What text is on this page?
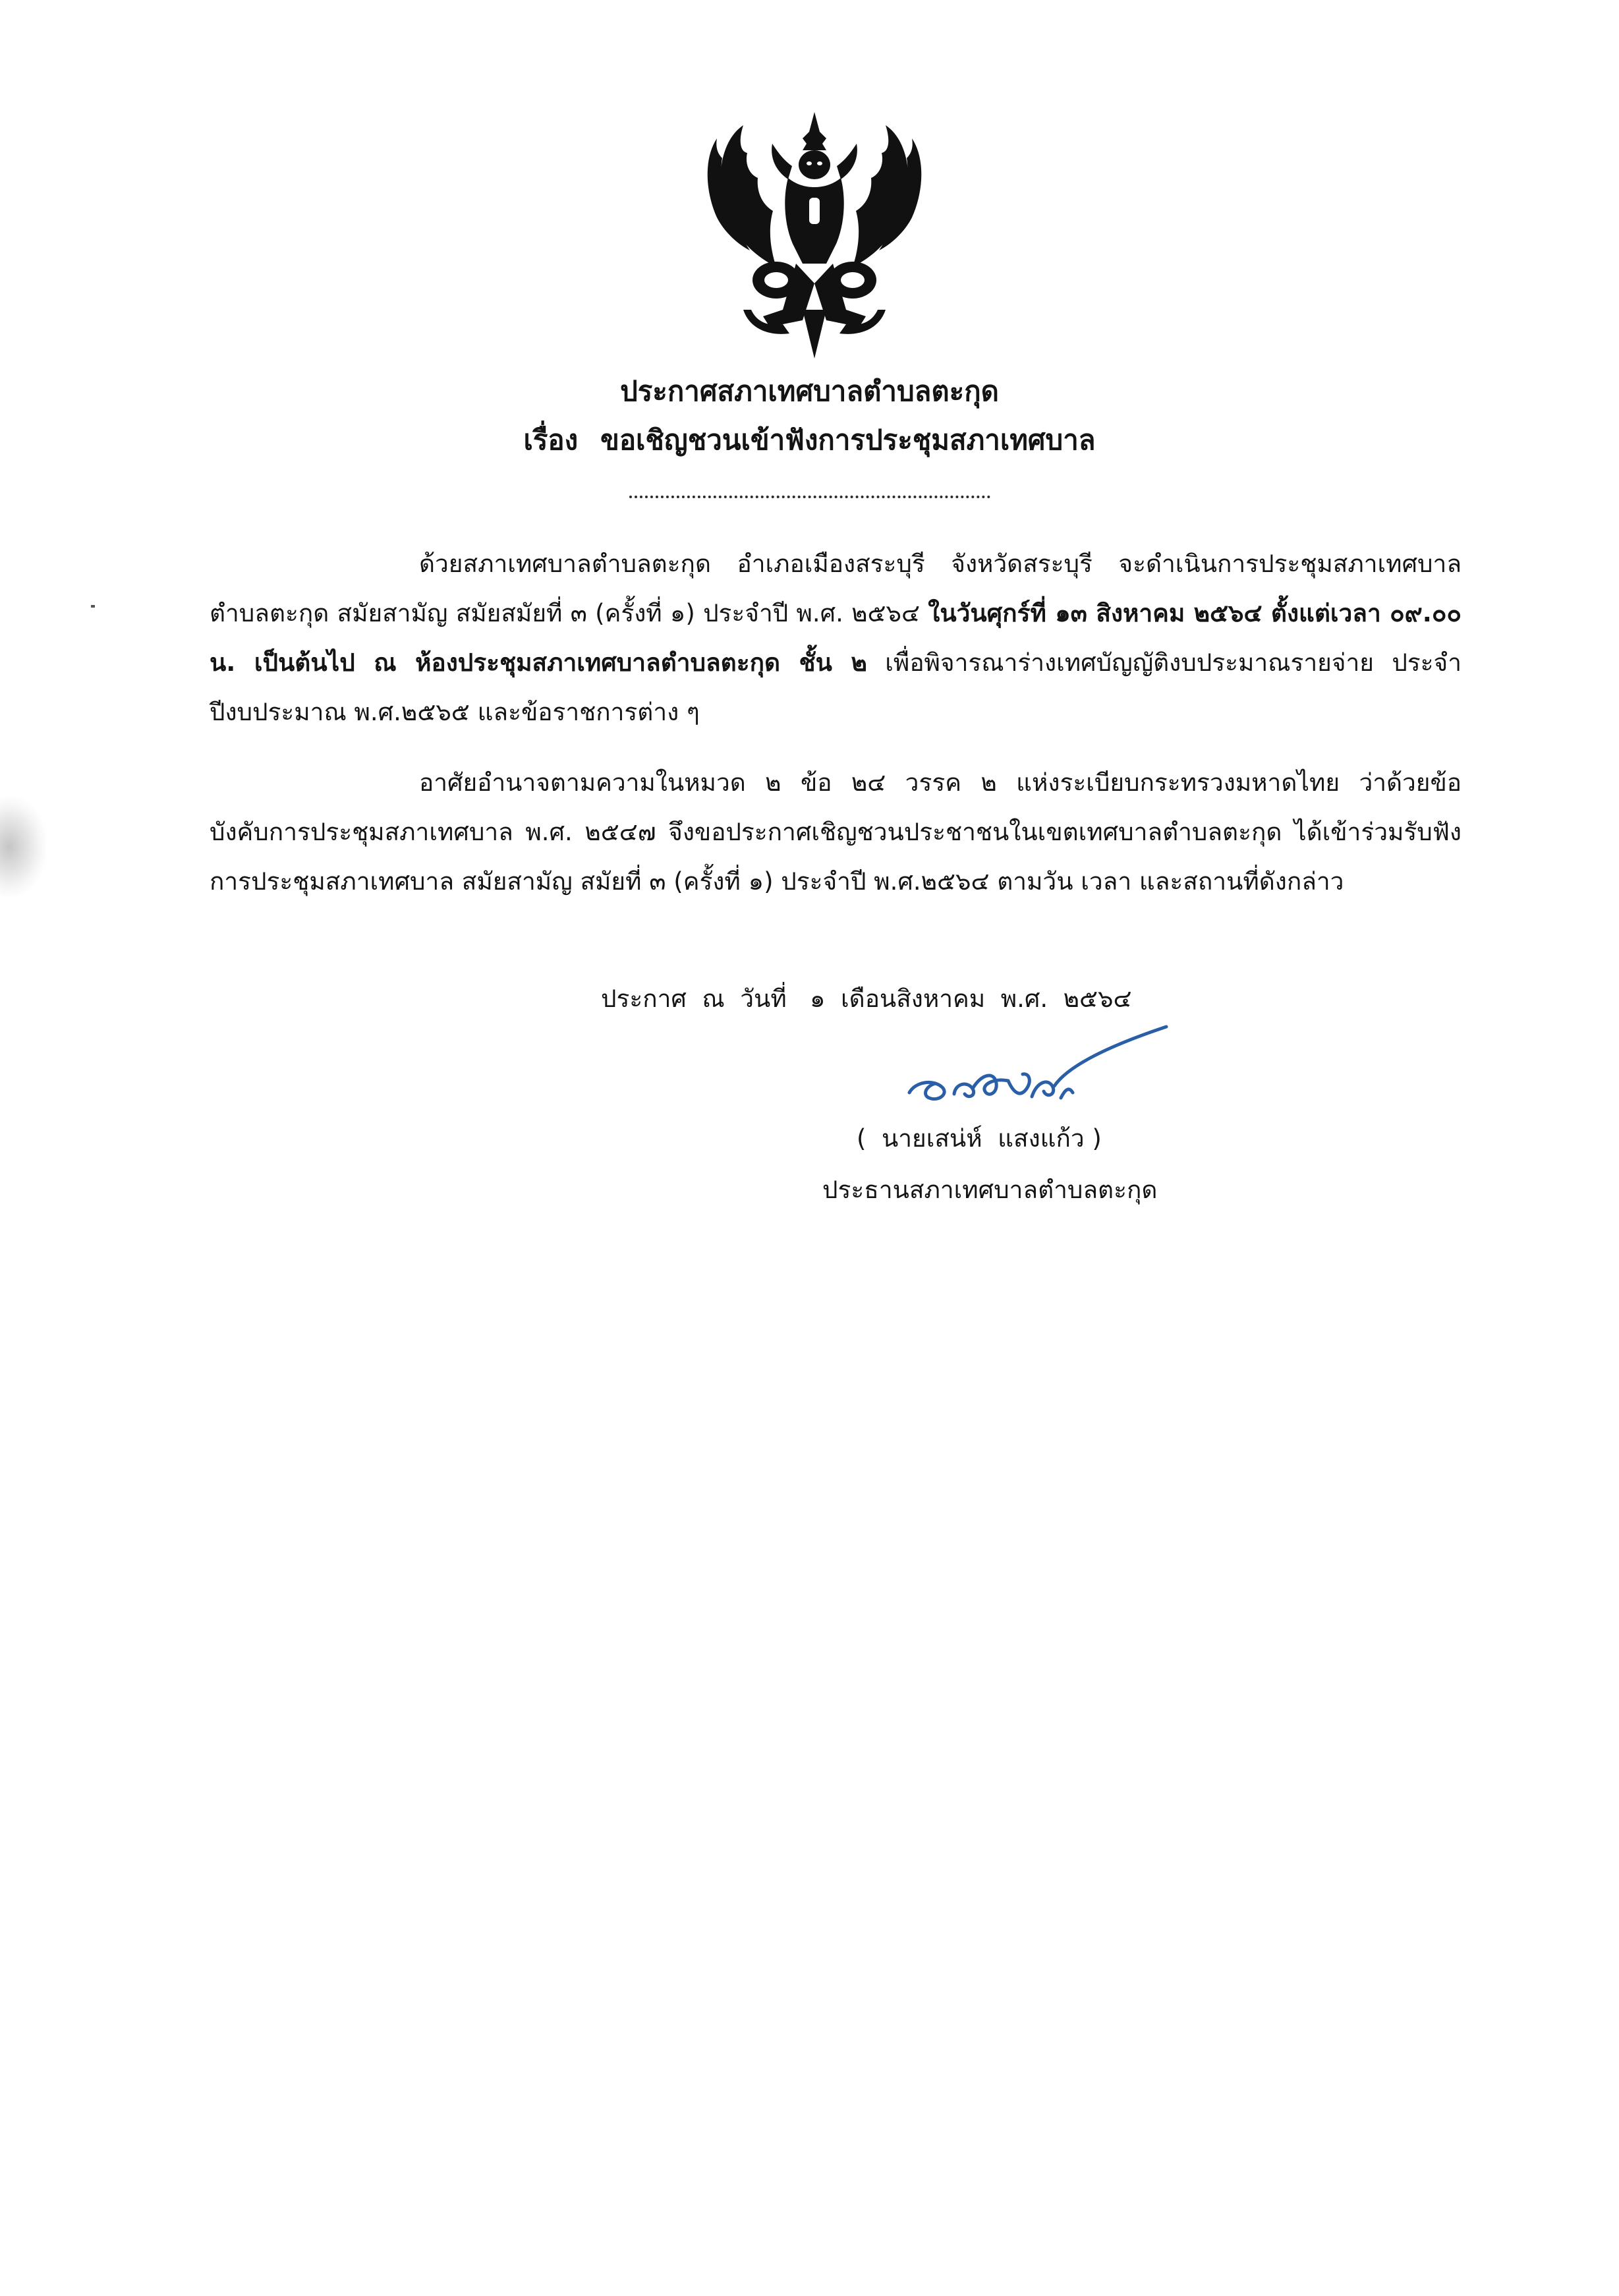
ประกาศสภาเทศบาลตำบลตะกุด
เรื่อง ขอเชิญชวนเข้าฟังการประชุมสภาเทศบาล

ด้วยสภาเทศบาลตำบลตะกุด อำเภอเมืองสระบุรี จังหวัดสระบุรี จะดำเนินการประชุมสภาเทศบาลตำบลตะกุด สมัยสามัญ สมัยสมัยที่ ๓ (ครั้งที่ ๑) ประจำปี พ.ศ. ๒๕๖๔ ในวันศุกร์ที่ ๑๓ สิงหาคม ๒๕๖๔ ตั้งแต่เวลา ๐๙.๐๐ น. เป็นต้นไป ณ ห้องประชุมสภาเทศบาลตำบลตะกุด ชั้น ๒ เพื่อพิจารณาร่างเทศบัญญัติงบประมาณรายจ่าย ประจำปีงบประมาณ พ.ศ.๒๕๖๕ และข้อราชการต่าง ๆ

อาศัยอำนาจตามความในหมวด ๒ ข้อ ๒๔ วรรค ๒ แห่งระเบียบกระทรวงมหาดไทย ว่าด้วยข้อบังคับการประชุมสภาเทศบาล พ.ศ. ๒๕๔๗ จึงขอประกาศเชิญชวนประชาชนในเขตเทศบาลตำบลตะกุด ได้เข้าร่วมรับฟังการประชุมสภาเทศบาล สมัยสามัญ สมัยที่ ๓ (ครั้งที่ ๑) ประจำปี พ.ศ.๒๕๖๔ ตามวัน เวลา และสถานที่ดังกล่าว

ประกาศ  ณ  วันที่   ๑  เดือนสิงหาคม  พ.ศ.  ๒๕๖๔
(  นายเสน่ห์  แสงแก้ว )
ประธานสภาเทศบาลตำบลตะกุด
